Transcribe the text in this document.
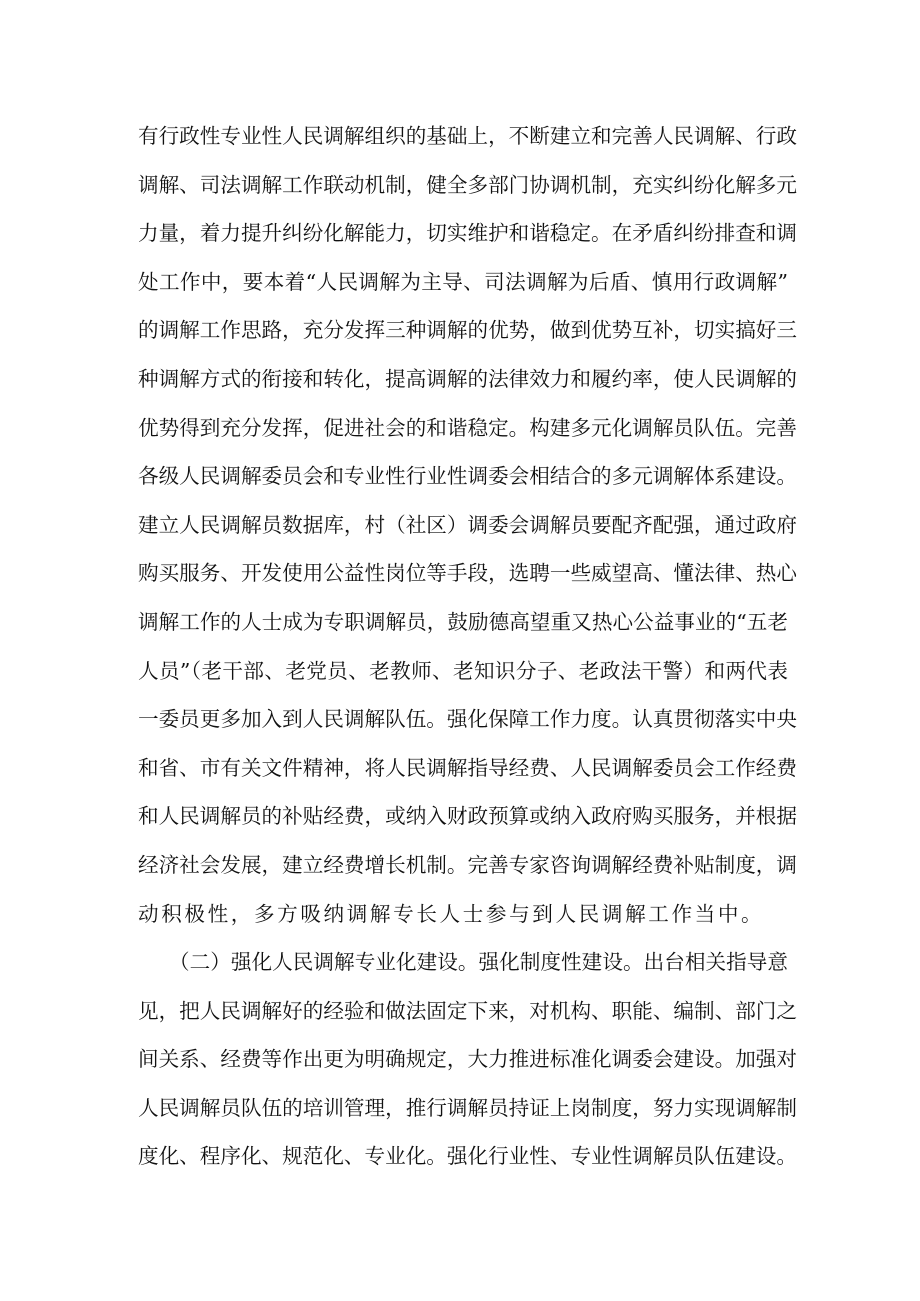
有行政性专业性人民调解组织的基础上，不断建立和完善人民调解、行政
调解、司法调解工作联动机制，健全多部门协调机制，充实纠纷化解多元
力量，着力提升纠纷化解能力，切实维护和谐稳定。在矛盾纠纷排查和调
处工作中，要本着“人民调解为主导、司法调解为后盾、慎用行政调解”
的调解工作思路，充分发挥三种调解的优势，做到优势互补，切实搞好三
种调解方式的衔接和转化，提高调解的法律效力和履约率，使人民调解的
优势得到充分发挥，促进社会的和谐稳定。构建多元化调解员队伍。完善
各级人民调解委员会和专业性行业性调委会相结合的多元调解体系建设。
建立人民调解员数据库，村（社区）调委会调解员要配齐配强，通过政府
购买服务、开发使用公益性岗位等手段，选聘一些威望高、懂法律、热心
调解工作的人士成为专职调解员，鼓励德高望重又热心公益事业的“五老
人员”（老干部、老党员、老教师、老知识分子、老政法干警）和两代表
一委员更多加入到人民调解队伍。强化保障工作力度。认真贯彻落实中央
和省、市有关文件精神，将人民调解指导经费、人民调解委员会工作经费
和人民调解员的补贴经费，或纳入财政预算或纳入政府购买服务，并根据
经济社会发展，建立经费增长机制。完善专家咨询调解经费补贴制度，调
动积极性，多方吸纳调解专长人士参与到人民调解工作当中。
　　（二）强化人民调解专业化建设。强化制度性建设。出台相关指导意
见，把人民调解好的经验和做法固定下来，对机构、职能、编制、部门之
间关系、经费等作出更为明确规定，大力推进标准化调委会建设。加强对
人民调解员队伍的培训管理，推行调解员持证上岗制度，努力实现调解制
度化、程序化、规范化、专业化。强化行业性、专业性调解员队伍建设。
